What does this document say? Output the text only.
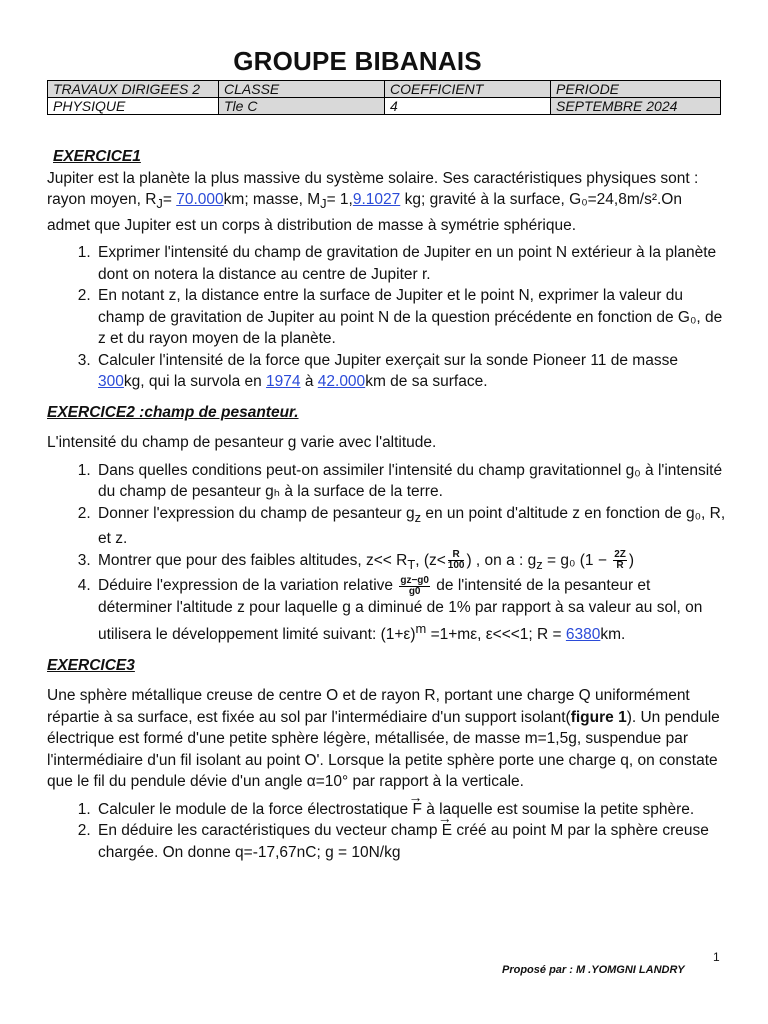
GROUPE BIBANAIS
TRAVAUX DIRIGEES 2	CLASSE	COEFFICIENT	PERIODE
PHYSIQUE	Tle C	4	SEPTEMBRE 2024

EXERCICE1

Jupiter est la planète la plus massive du système solaire. Ses caractéristiques physiques sont : rayon moyen, $R_J= 70.000km$; masse, $M_J= 1,9.1027$ kg; gravité à la surface, G₀=24,8m/s².On admet que Jupiter est un corps à distribution de masse à symétrie sphérique.

1. Exprimer l'intensité du champ de gravitation de Jupiter en un point N extérieur à la planète dont on notera la distance au centre de Jupiter r.
2. En notant z, la distance entre la surface de Jupiter et le point N, exprimer la valeur du champ de gravitation de Jupiter au point N de la question précédente en fonction de G₀, de z et du rayon moyen de la planète.
3. Calculer l'intensité de la force que Jupiter exerçait sur la sonde Pioneer 11 de masse 300kg, qui la survola en 1974 à 42.000km de sa surface.

EXERCICE2 :champ de pesanteur.

L'intensité du champ de pesanteur g varie avec l'altitude.

1. Dans quelles conditions peut-on assimiler l'intensité du champ gravitationnel g₀ à l'intensité du champ de pesanteur gₕ à la surface de la terre.
2. Donner l'expression du champ de pesanteur $g_z$ en un point d'altitude z en fonction de g₀, R, et z.
3. Montrer que pour des faibles altitudes, $z<< R_T$, ($z< \frac{R}{100}$ ) , on a : $g_z = g_0$ ($1 - \frac{2Z}{R}$ )
4. Déduire l'expression de la variation relative $\frac{gz-g0}{g0}$ de l'intensité de la pesanteur et déterminer l'altitude z pour laquelle g a diminué de 1% par rapport à sa valeur au sol, on utilisera le développement limité suivant: $(1+\varepsilon)^m =1+m\varepsilon$, ε<<<1; R = 6380km.

EXERCICE3

Une sphère métallique creuse de centre O et de rayon R, portant une charge Q uniformément répartie à sa surface, est fixée au sol par l'intermédiaire d'un support isolant(figure 1). Un pendule électrique est formé d'une petite sphère légère, métallisée, de masse m=1,5g, suspendue par l'intermédiaire d'un fil isolant au point O'. Lorsque la petite sphère porte une charge q, on constate que le fil du pendule dévie d'un angle α=10° par rapport à la verticale.

1. Calculer le module de la force électrostatique → F à laquelle est soumise la petite sphère.
2. En déduire les caractéristiques du vecteur champ → E créé au point M par la sphère creuse chargée. On donne q=-17,67nC; g = 10N/kg
1
Proposé par : M .YOMGNI LANDRY
